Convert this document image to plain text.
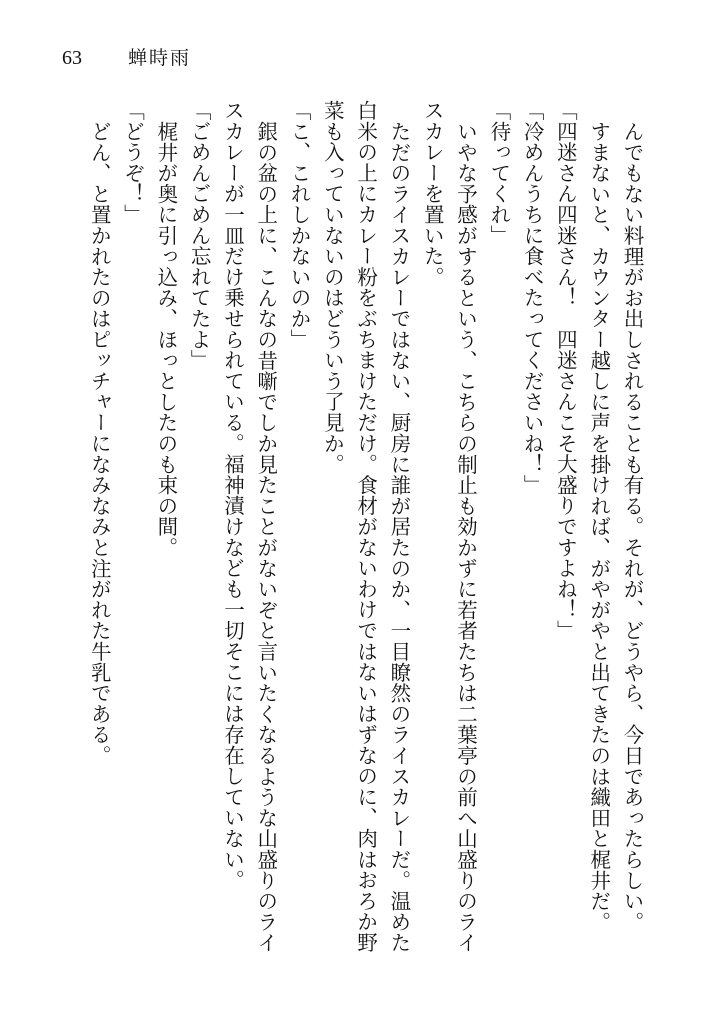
63 蝉時雨
んでもない料理がお出しされることも有る。それが、どうやら、今日であったらしい。
すまないと、カウンター越しに声を掛ければ、がやがやと出てきたのは織田と梶井だ。
「四迷さん四迷さん！　四迷さんこそ大盛りですよね！」
「冷めんうちに食べたってくださいね！」
「待ってくれ」
いやな予感がするという、こちらの制止も効かずに若者たちは二葉亭の前へ山盛りのライ
スカレーを置いた。
ただのライスカレーではない、厨房に誰が居たのか、一目瞭然のライスカレーだ。温めた
白米の上にカレー粉をぶちまけただけ。食材がないわけではないはずなのに、肉はおろか野
菜も入っていないのはどういう了見か。
「こ、これしかないのか」
銀の盆の上に、こんなの昔噺でしか見たことがないぞと言いたくなるような山盛りのライ
スカレーが一皿だけ乗せられている。福神漬けなども一切そこには存在していない。
「ごめんごめん忘れてたよ」
梶井が奥に引っ込み、ほっとしたのも束の間。
「どうぞ！」
どん、と置かれたのはピッチャーになみなみと注がれた牛乳である。
